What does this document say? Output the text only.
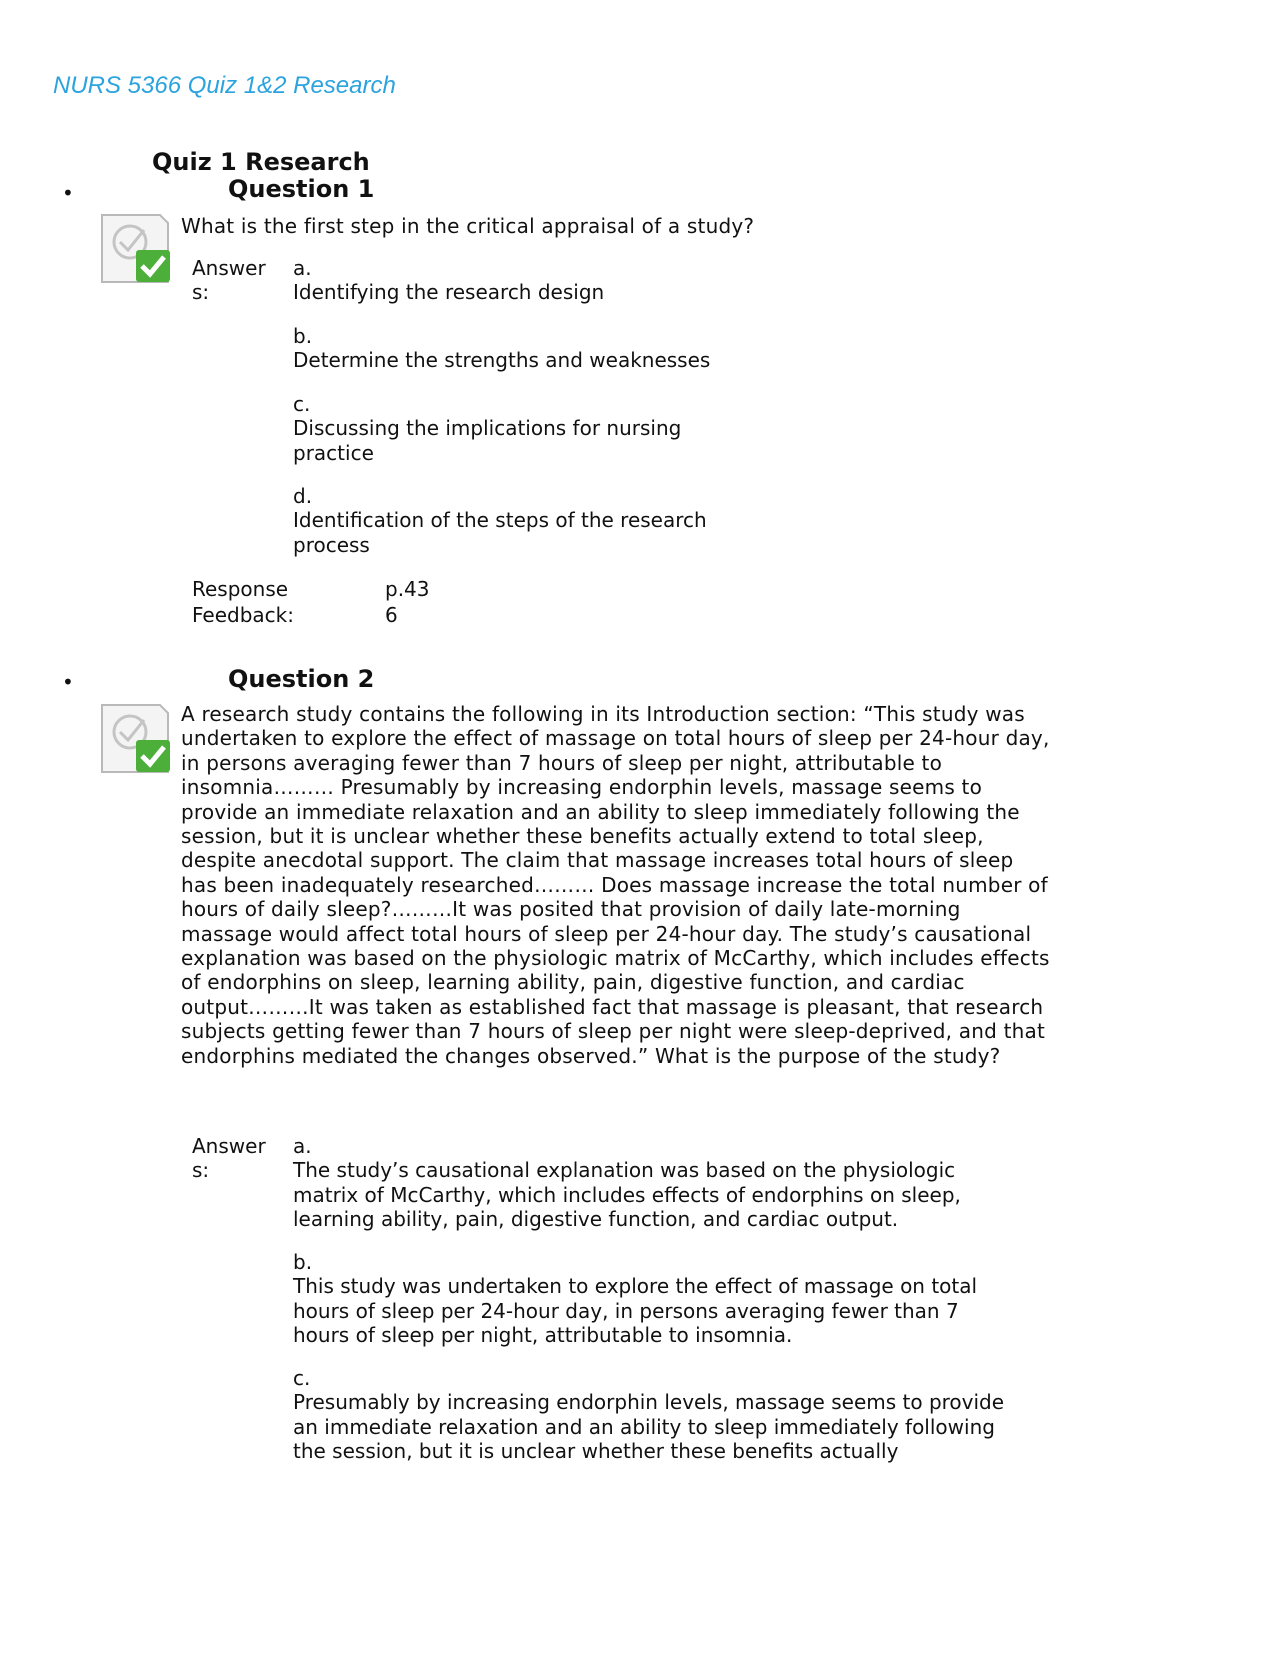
NURS 5366 Quiz 1&2 Research
Quiz 1 Research
•	Question 1
What is the first step in the critical appraisal of a study?
Answer
s:
a.
Identifying the research design
b.
Determine the strengths and weaknesses
c.
Discussing the implications for nursing practice
d.
Identification of the steps of the research process
Response
Feedback:
p.43
6
•	Question 2
A research study contains the following in its Introduction section: “This study was undertaken to explore the effect of massage on total hours of sleep per 24-hour day, in persons averaging fewer than 7 hours of sleep per night, attributable to insomnia……… Presumably by increasing endorphin levels, massage seems to provide an immediate relaxation and an ability to sleep immediately following the session, but it is unclear whether these benefits actually extend to total sleep, despite anecdotal support. The claim that massage increases total hours of sleep has been inadequately researched……… Does massage increase the total number of hours of daily sleep?………It was posited that provision of daily late-morning massage would affect total hours of sleep per 24-hour day. The study’s causational explanation was based on the physiologic matrix of McCarthy, which includes effects of endorphins on sleep, learning ability, pain, digestive function, and cardiac output………It was taken as established fact that massage is pleasant, that research subjects getting fewer than 7 hours of sleep per night were sleep-deprived, and that endorphins mediated the changes observed.” What is the purpose of the study?
Answer
s:
a.
The study’s causational explanation was based on the physiologic matrix of McCarthy, which includes effects of endorphins on sleep, learning ability, pain, digestive function, and cardiac output.
b.
This study was undertaken to explore the effect of massage on total hours of sleep per 24-hour day, in persons averaging fewer than 7 hours of sleep per night, attributable to insomnia.
c.
Presumably by increasing endorphin levels, massage seems to provide an immediate relaxation and an ability to sleep immediately following the session, but it is unclear whether these benefits actually
